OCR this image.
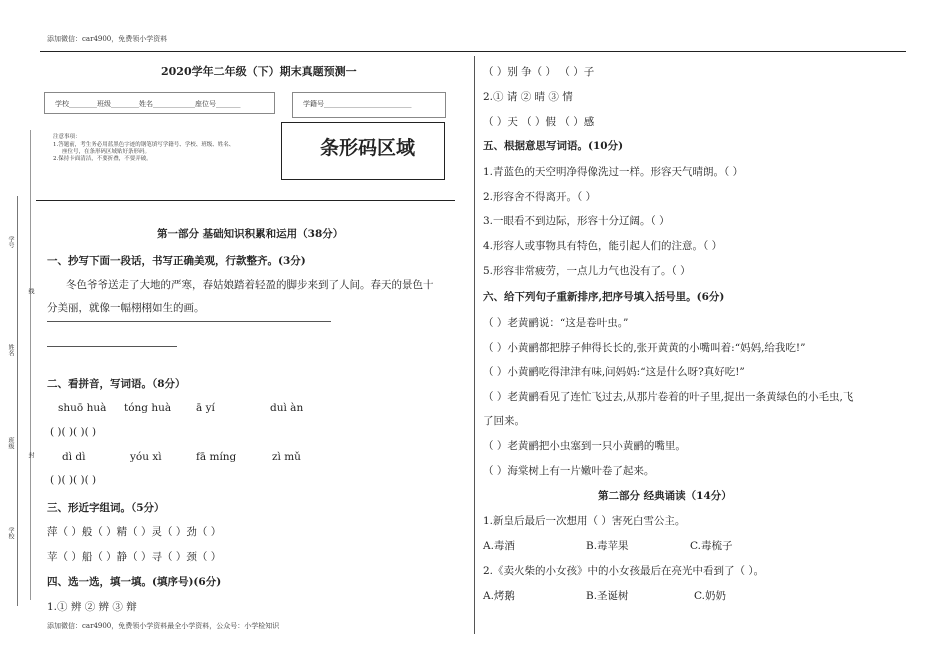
添加微信：car4900，免费领小学资料
学号
姓名
班级
学校
线
封
2020学年二年级（下）期末真题预测一
学校________班级________姓名____________座位号_______	学籍号_________________________
注意事项：
1.答题前，考生务必用蓝黑色字迹的钢笔填写学籍号、学校、班级、姓名、
座位号，在条形码区域贴好条形码。
2.保持卡面清洁，不要折叠，不要弄破。	条形码区域
第一部分 基础知识积累和运用（38分）
一、抄写下面一段话，书写正确美观，行款整齐。(3分)
冬色爷爷送走了大地的严寒，春姑娘踏着轻盈的脚步来到了人间。春天的景色十
分美丽，就像一幅栩栩如生的画。
二、看拼音，写词语。（8分）
shuō huà tóng huà ā yí	duì àn
( )( )( )( )
dì dì	yóu xì	fā míng	zì mǔ
( )( )( )( )
三、形近字组词。（5分）
萍（ ）般（ ）精（ ）灵（ ）劲（ ）
苹（ ）船（ ）静（ ）寻（ ）颈（ ）
四、选一选，填一填。(填序号)(6分)
1.① 辨 ② 辨 ③ 辩
（ ）别 争（ ） （ ）子
2.① 请 ② 晴 ③ 情
（ ）天 （ ）假 （ ）感
五、根据意思写词语。(10分)
1.青蓝色的天空明净得像洗过一样。形容天气晴朗。（ ）
2.形容舍不得离开。（ ）
3.一眼看不到边际，形容十分辽阔。（ ）
4.形容人或事物具有特色，能引起人们的注意。（ ）
5.形容非常疲劳，一点儿力气也没有了。（ ）
六、给下列句子重新排序,把序号填入括号里。(6分)
（ ）老黄鹂说：“这是卷叶虫。”
（ ）小黄鹂都把脖子伸得长长的,张开黄黄的小嘴叫着:“妈妈,给我吃!”
（ ）小黄鹂吃得津津有味,问妈妈:“这是什么呀?真好吃!”
（ ）老黄鹂看见了连忙飞过去,从那片卷着的叶子里,捉出一条黄绿色的小毛虫,飞
了回来。
（ ）老黄鹂把小虫塞到一只小黄鹂的嘴里。
（ ）海棠树上有一片嫩叶卷了起来。
第二部分 经典诵读（14分）
1.新皇后最后一次想用（ ）害死白雪公主。
A.毒酒	B.毒苹果	C.毒梳子
2.《卖火柴的小女孩》中的小女孩最后在亮光中看到了（ ）。
A.烤鹅	B.圣诞树	C.奶奶
添加微信：car4900，免费领小学资料最全小学资料，公众号：小学检知识
